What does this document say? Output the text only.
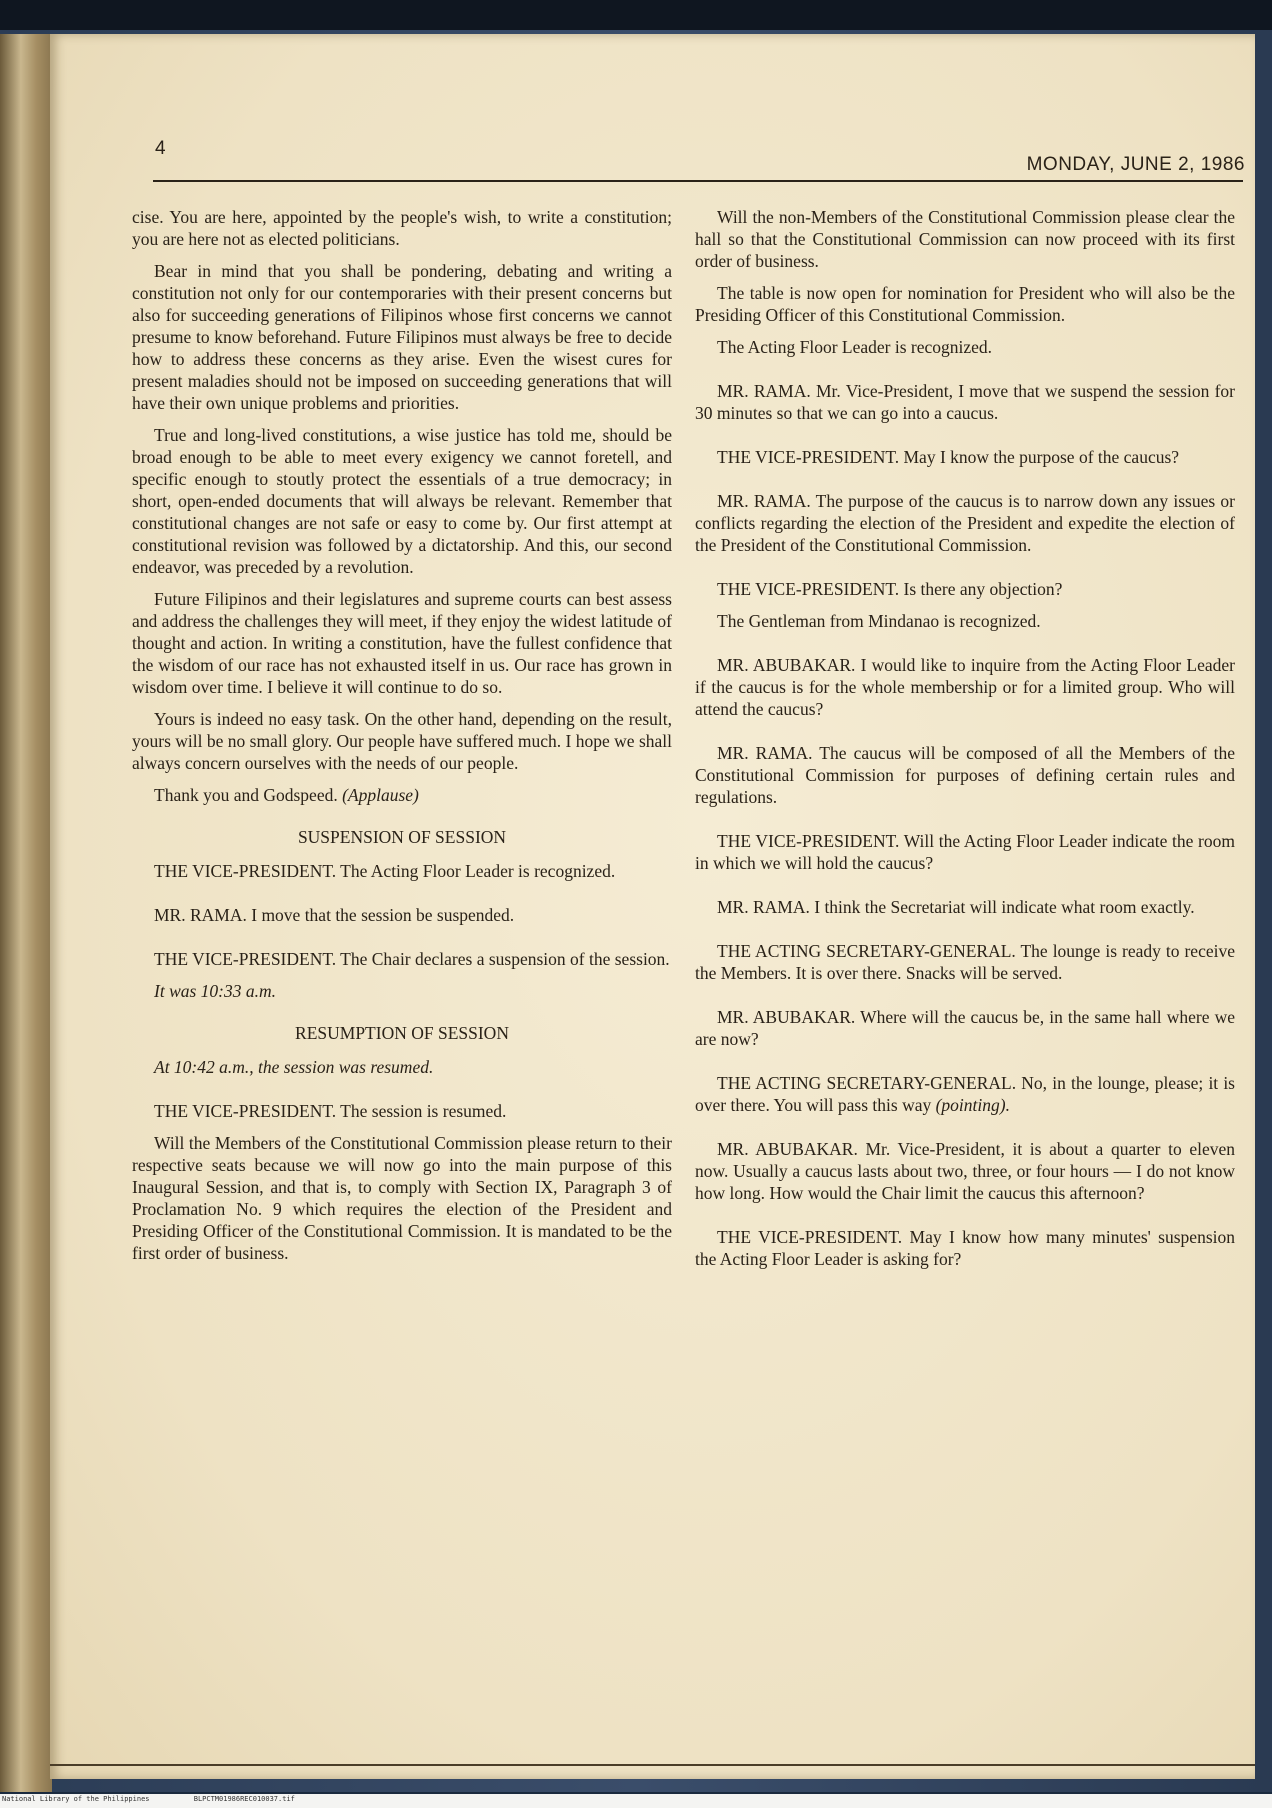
4
MONDAY, JUNE 2, 1986

cise. You are here, appointed by the people's wish, to write a constitution; you are here not as elected politicians.

Bear in mind that you shall be pondering, debating and writing a constitution not only for our contemporaries with their present concerns but also for succeeding generations of Filipinos whose first concerns we cannot presume to know beforehand. Future Filipinos must always be free to decide how to address these concerns as they arise. Even the wisest cures for present maladies should not be imposed on succeeding generations that will have their own unique problems and priorities.

True and long-lived constitutions, a wise justice has told me, should be broad enough to be able to meet every exigency we cannot foretell, and specific enough to stoutly protect the essentials of a true democracy; in short, open-ended documents that will always be relevant. Remember that constitutional changes are not safe or easy to come by. Our first attempt at constitutional revision was followed by a dictatorship. And this, our second endeavor, was preceded by a revolution.

Future Filipinos and their legislatures and supreme courts can best assess and address the challenges they will meet, if they enjoy the widest latitude of thought and action. In writing a constitution, have the fullest confidence that the wisdom of our race has not exhausted itself in us. Our race has grown in wisdom over time. I believe it will continue to do so.

Yours is indeed no easy task. On the other hand, depending on the result, yours will be no small glory. Our people have suffered much. I hope we shall always concern ourselves with the needs of our people.

Thank you and Godspeed. (Applause)

SUSPENSION OF SESSION

THE VICE-PRESIDENT. The Acting Floor Leader is recognized.

MR. RAMA. I move that the session be suspended.

THE VICE-PRESIDENT. The Chair declares a suspension of the session.

It was 10:33 a.m.

RESUMPTION OF SESSION

At 10:42 a.m., the session was resumed.

THE VICE-PRESIDENT. The session is resumed.

Will the Members of the Constitutional Commission please return to their respective seats because we will now go into the main purpose of this Inaugural Session, and that is, to comply with Section IX, Paragraph 3 of Proclamation No. 9 which requires the election of the President and Presiding Officer of the Constitutional Commission. It is mandated to be the first order of business.

Will the non-Members of the Constitutional Commission please clear the hall so that the Constitutional Commission can now proceed with its first order of business.

The table is now open for nomination for President who will also be the Presiding Officer of this Constitutional Commission.

The Acting Floor Leader is recognized.

MR. RAMA. Mr. Vice-President, I move that we suspend the session for 30 minutes so that we can go into a caucus.

THE VICE-PRESIDENT. May I know the purpose of the caucus?

MR. RAMA. The purpose of the caucus is to narrow down any issues or conflicts regarding the election of the President and expedite the election of the President of the Constitutional Commission.

THE VICE-PRESIDENT. Is there any objection?

The Gentleman from Mindanao is recognized.

MR. ABUBAKAR. I would like to inquire from the Acting Floor Leader if the caucus is for the whole membership or for a limited group. Who will attend the caucus?

MR. RAMA. The caucus will be composed of all the Members of the Constitutional Commission for purposes of defining certain rules and regulations.

THE VICE-PRESIDENT. Will the Acting Floor Leader indicate the room in which we will hold the caucus?

MR. RAMA. I think the Secretariat will indicate what room exactly.

THE ACTING SECRETARY-GENERAL. The lounge is ready to receive the Members. It is over there. Snacks will be served.

MR. ABUBAKAR. Where will the caucus be, in the same hall where we are now?

THE ACTING SECRETARY-GENERAL. No, in the lounge, please; it is over there. You will pass this way (pointing).

MR. ABUBAKAR. Mr. Vice-President, it is about a quarter to eleven now. Usually a caucus lasts about two, three, or four hours — I do not know how long. How would the Chair limit the caucus this afternoon?

THE VICE-PRESIDENT. May I know how many minutes' suspension the Acting Floor Leader is asking for?

National Library of the Philippines	BLPCTM01986REC010037.tif
